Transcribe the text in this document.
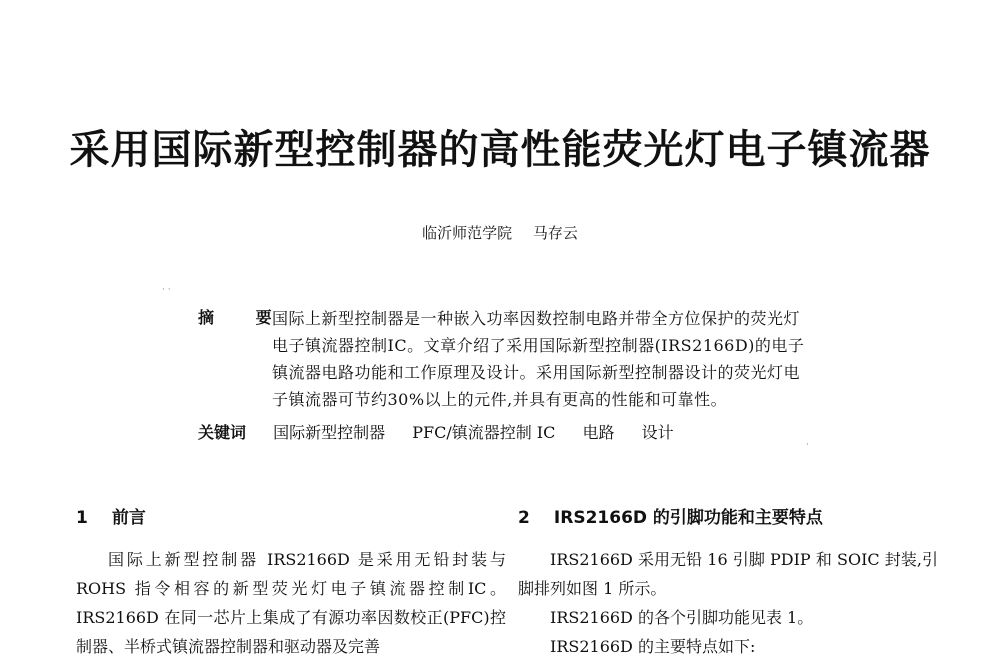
采用国际新型控制器的高性能荧光灯电子镇流器
临沂师范学院 马存云
· ·
·
摘 要
国际上新型控制器是一种嵌入功率因数控制电路并带全方位保护的荧光灯电子镇流器控制IC。文章介绍了采用国际新型控制器(IRS2166D)的电子镇流器电路功能和工作原理及设计。采用国际新型控制器设计的荧光灯电子镇流器可节约30%以上的元件,并具有更高的性能和可靠性。
关键词 国际新型控制器 PFC/镇流器控制 IC 电路 设计
1 前言

国际上新型控制器 IRS2166D 是采用无铅封装与 ROHS 指令相容的新型荧光灯电子镇流器控制IC。IRS2166D 在同一芯片上集成了有源功率因数校正(PFC)控制器、半桥式镇流器控制器和驱动器及完善

2 IRS2166D 的引脚功能和主要特点

IRS2166D 采用无铅 16 引脚 PDIP 和 SOIC 封装,引脚排列如图 1 所示。

IRS2166D 的各个引脚功能见表 1。

IRS2166D 的主要特点如下:
